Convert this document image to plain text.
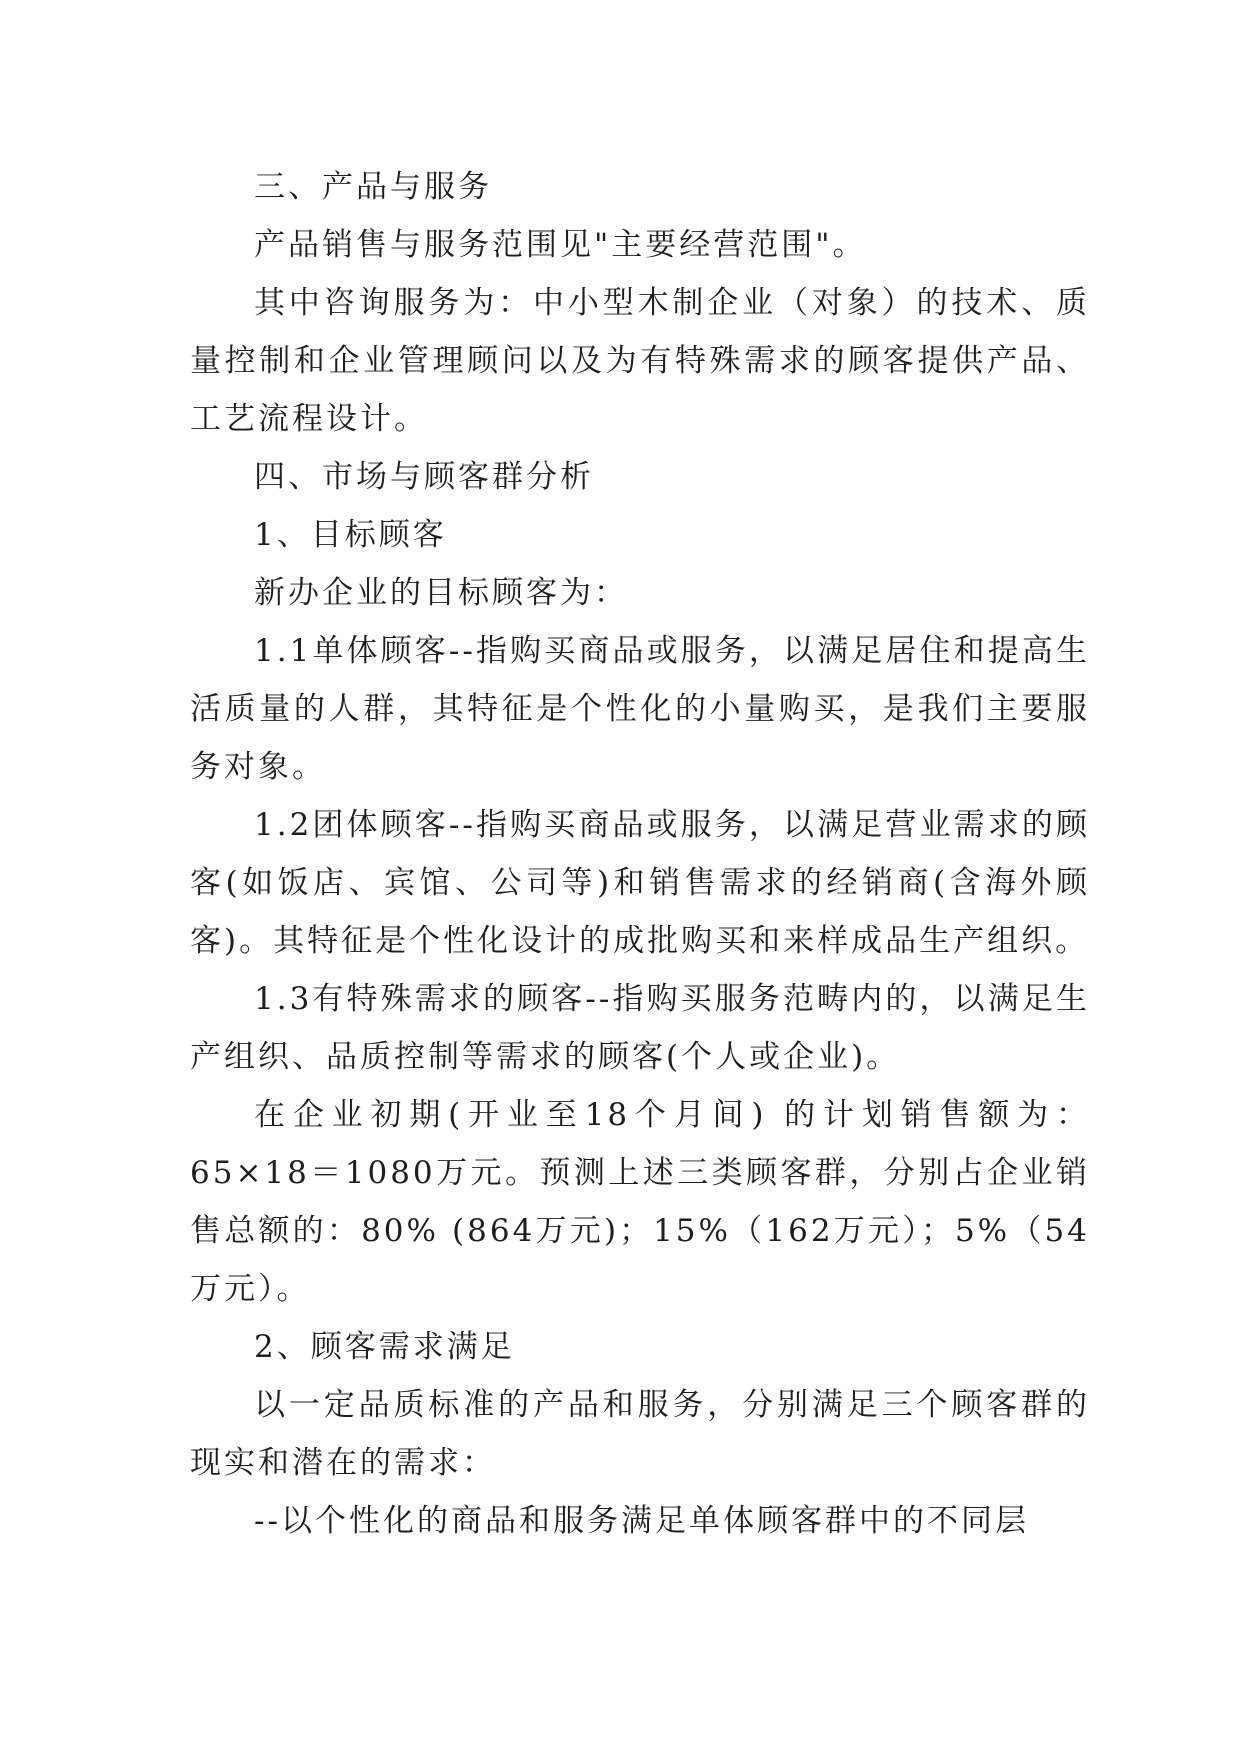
三、产品与服务

产品销售与服务范围见"主要经营范围"。

其中咨询服务为：中小型木制企业（对象）的技术、质量控制和企业管理顾问以及为有特殊需求的顾客提供产品、工艺流程设计。

四、市场与顾客群分析

1、目标顾客

新办企业的目标顾客为：

1.1单体顾客--指购买商品或服务，以满足居住和提高生活质量的人群，其特征是个性化的小量购买，是我们主要服务对象。

1.2团体顾客--指购买商品或服务，以满足营业需求的顾客(如饭店、宾馆、公司等)和销售需求的经销商(含海外顾客)。其特征是个性化设计的成批购买和来样成品生产组织。

1.3有特殊需求的顾客--指购买服务范畴内的，以满足生产组织、品质控制等需求的顾客(个人或企业)。

在企业初期(开业至18个月间) 的计划销售额为：65×18＝1080万元。预测上述三类顾客群，分别占企业销售总额的：80% (864万元)；15%（162万元）；5%（54万元）。

2、顾客需求满足

以一定品质标准的产品和服务，分别满足三个顾客群的现实和潜在的需求：

--以个性化的商品和服务满足单体顾客群中的不同层
